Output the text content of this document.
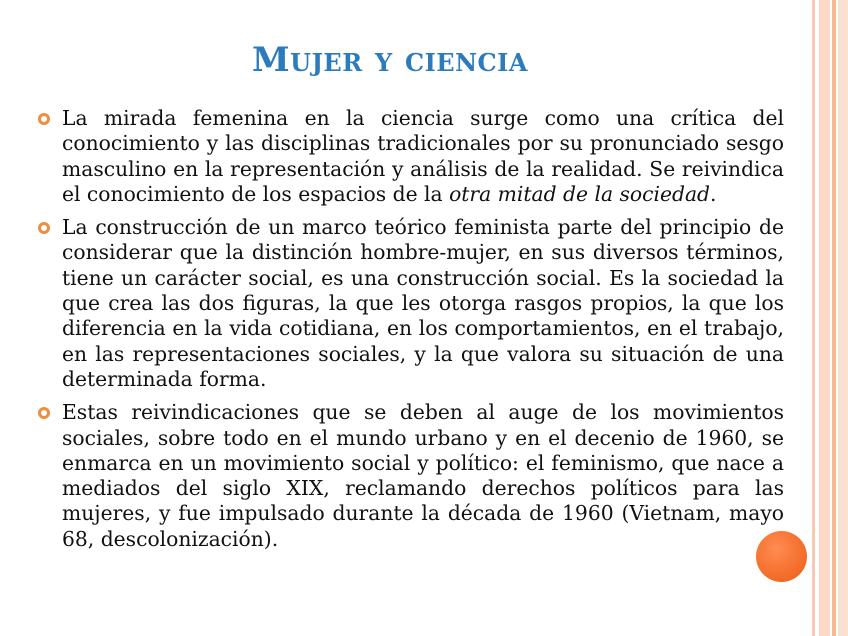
Mujer y ciencia
La mirada femenina en la ciencia surge como una crítica del conocimiento y las disciplinas tradicionales por su pronunciado sesgo masculino en la representación y análisis de la realidad. Se reivindica el conocimiento de los espacios de la otra mitad de la sociedad.
La construcción de un marco teórico feminista parte del principio de considerar que la distinción hombre-mujer, en sus diversos términos, tiene un carácter social, es una construcción social. Es la sociedad la que crea las dos figuras, la que les otorga rasgos propios, la que los diferencia en la vida cotidiana, en los comportamientos, en el trabajo, en las representaciones sociales, y la que valora su situación de una determinada forma.
Estas reivindicaciones que se deben al auge de los movimientos sociales, sobre todo en el mundo urbano y en el decenio de 1960, se enmarca en un movimiento social y político: el feminismo, que nace a mediados del siglo XIX, reclamando derechos políticos para las mujeres, y fue impulsado durante la década de 1960 (Vietnam, mayo 68, descolonización).
